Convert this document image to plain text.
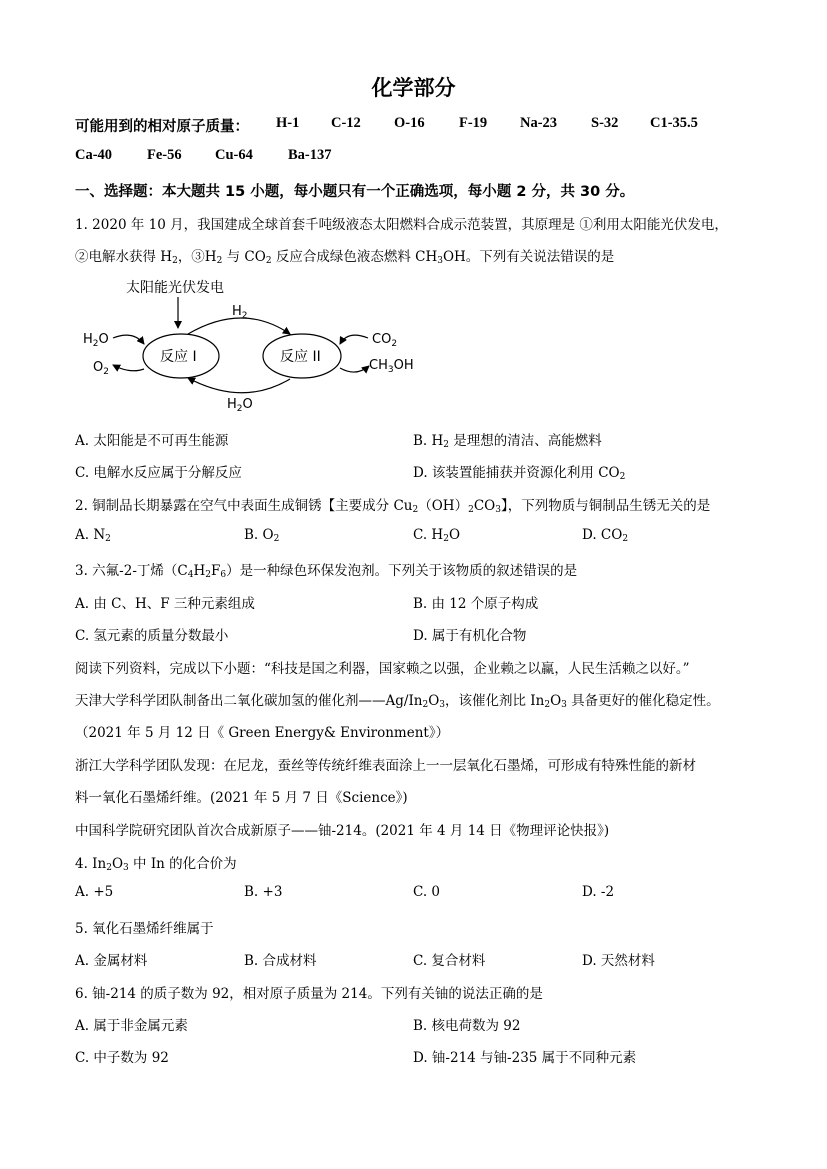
化学部分
可能用到的相对原子质量： H-1 C-12 O-16 F-19 Na-23 S-32 C1-35.5
Ca-40 Fe-56 Cu-64 Ba-137
一、选择题：本大题共 15 小题，每小题只有一个正确选项，每小题 2 分，共 30 分。
1. 2020 年 10 月，我国建成全球首套千吨级液态太阳燃料合成示范装置，其原理是 ①利用太阳能光伏发电，
②电解水获得 $H_2$，$③H_2$ 与 $CO_2$ 反应合成绿色液态燃料 $CH_3OH$。下列有关说法错误的是
太阳能光伏发电
反应 I	反应 II
$H_2$
$H_2O$
$H_2O$
$O_2$
$CO_2$
$CH_3OH$
A. 太阳能是不可再生能源	B. $H_2$ 是理想的清洁、高能燃料
C. 电解水反应属于分解反应	D. 该装置能捕获并资源化利用 $CO_2$
2. 铜制品长期暴露在空气中表面生成铜锈【主要成分 $Cu_2(OH)_2CO_3$】，下列物质与铜制品生锈无关的是
A. $N_2$	B. $O_2$	C. $H_2O$	D. $CO_2$
3. 六氟-2-丁烯$(C_4H_2F_6)$是一种绿色环保发泡剂。下列关于该物质的叙述错误的是
A. 由 C、H、F 三种元素组成	B. 由 12 个原子构成
C. 氢元素的质量分数最小	D. 属于有机化合物
阅读下列资料，完成以下小题：“科技是国之利器，国家赖之以强，企业赖之以赢，人民生活赖之以好。”
天津大学科学团队制备出二氧化碳加氢的催化剂$——Ag/In_2O_3$，该催化剂比 $In_2O_3$ 具备更好的催化稳定性。
（2021 年 5 月 12 日《 Green Energy& Environment》）
浙江大学科学团队发现：在尼龙，蚕丝等传统纤维表面涂上一一层氧化石墨烯，可形成有特殊性能的新材
料一氧化石墨烯纤维。(2021 年 5 月 7 日《Science》)
中国科学院研究团队首次合成新原子——铀-214。(2021 年 4 月 14 日《物理评论快报》)
4. $In_2O_3$ 中 In 的化合价为
A. +5	B. +3	C. 0	D. -2
5. 氧化石墨烯纤维属于
A. 金属材料	B. 合成材料	C. 复合材料	D. 天然材料
6. 铀-214 的质子数为 92，相对原子质量为 214。下列有关铀的说法正确的是
A. 属于非金属元素	B. 核电荷数为 92
C. 中子数为 92	D. 铀-214 与铀-235 属于不同种元素
